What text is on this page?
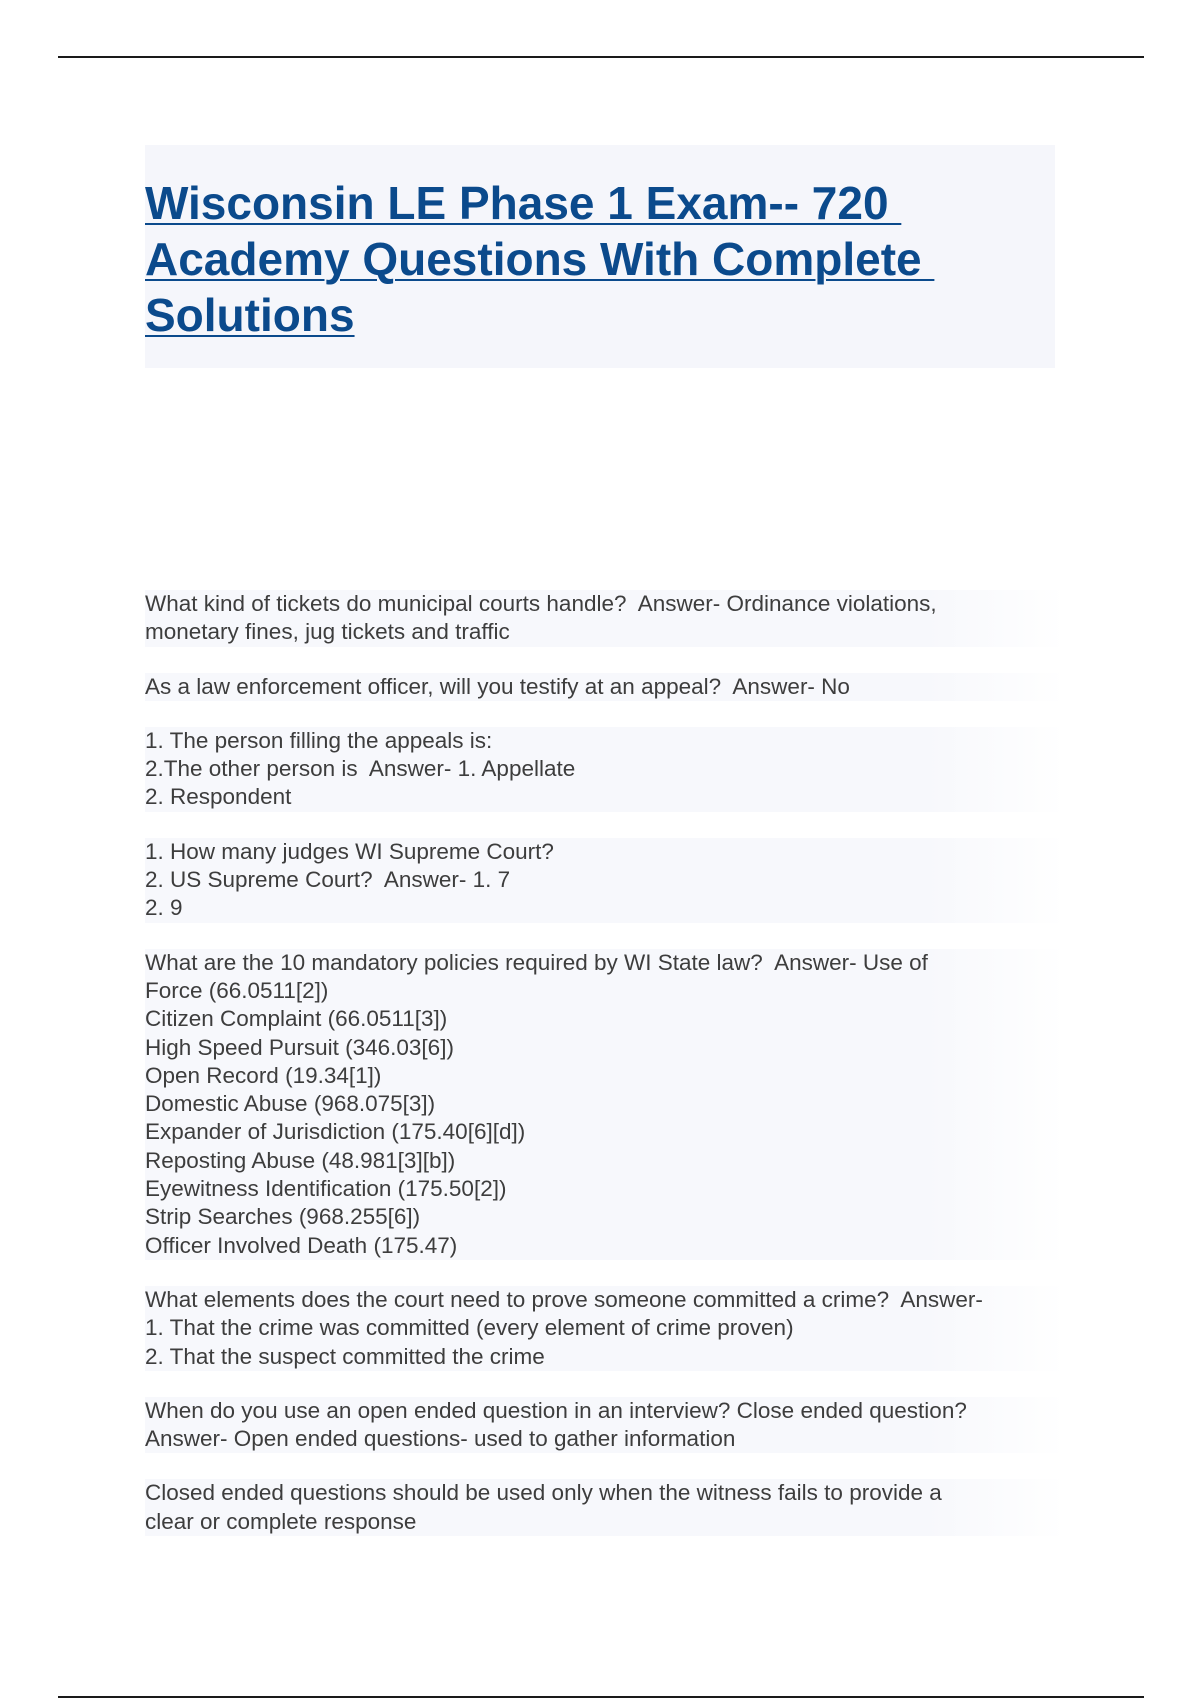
Wisconsin LE Phase 1 Exam-- 720
Academy Questions With Complete
Solutions
What kind of tickets do municipal courts handle?  Answer- Ordinance violations,
monetary fines, jug tickets and traffic
As a law enforcement officer, will you testify at an appeal?  Answer- No
1. The person filling the appeals is:
2.The other person is  Answer- 1. Appellate
2. Respondent
1. How many judges WI Supreme Court?
2. US Supreme Court?  Answer- 1. 7
2. 9
What are the 10 mandatory policies required by WI State law?  Answer- Use of
Force (66.0511[2])
Citizen Complaint (66.0511[3])
High Speed Pursuit (346.03[6])
Open Record (19.34[1])
Domestic Abuse (968.075[3])
Expander of Jurisdiction (175.40[6][d])
Reposting Abuse (48.981[3][b])
Eyewitness Identification (175.50[2])
Strip Searches (968.255[6])
Officer Involved Death (175.47)
What elements does the court need to prove someone committed a crime?  Answer-
1. That the crime was committed (every element of crime proven)
2. That the suspect committed the crime
When do you use an open ended question in an interview? Close ended question?
Answer- Open ended questions- used to gather information
Closed ended questions should be used only when the witness fails to provide a
clear or complete response
